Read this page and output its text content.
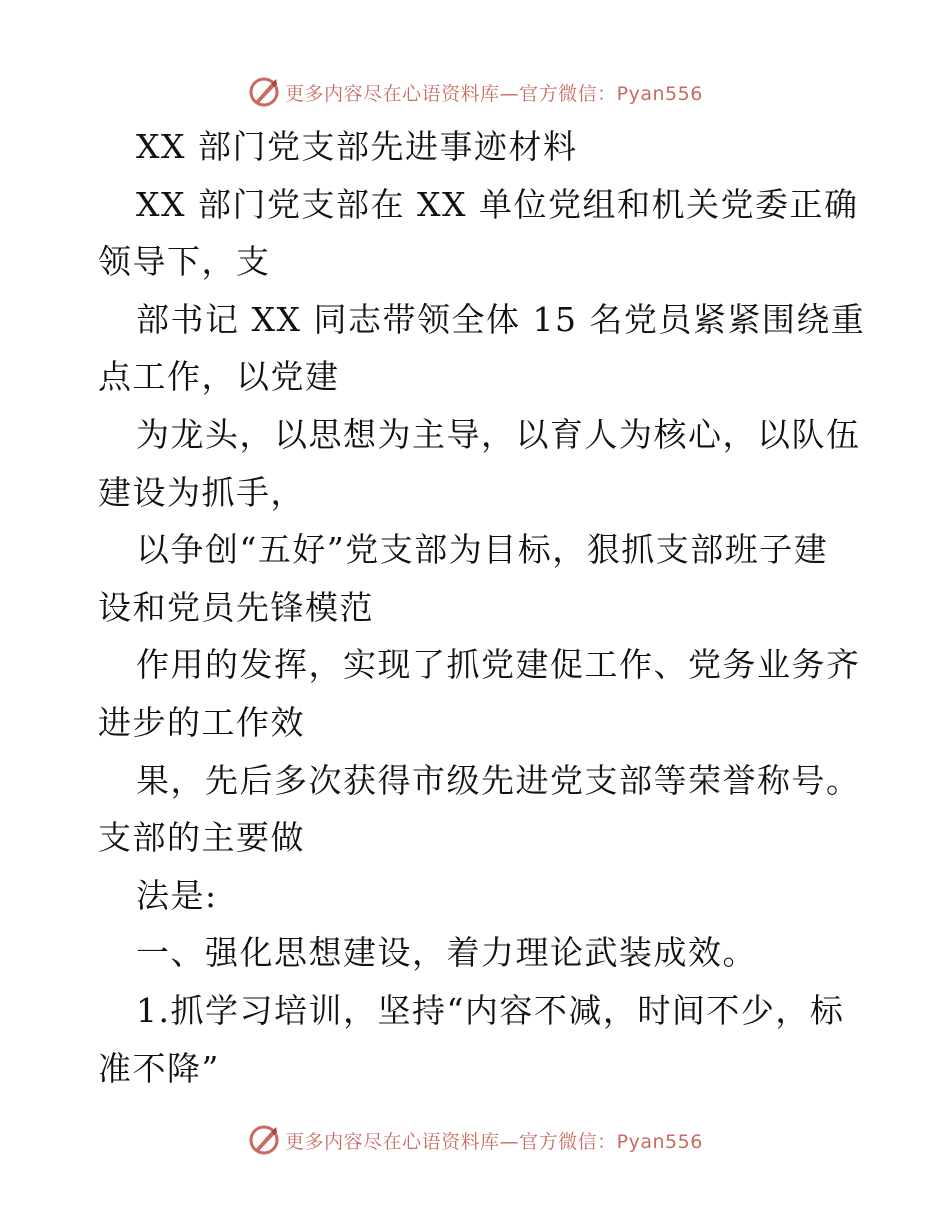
更多内容尽在心语资料库—官方微信：Pyan556
XX 部门党支部先进事迹材料
XX 部门党支部在 XX 单位党组和机关党委正确
领导下，支
部书记 XX 同志带领全体 15 名党员紧紧围绕重
点工作，以党建
为龙头，以思想为主导，以育人为核心，以队伍
建设为抓手，
以争创“五好”党支部为目标，狠抓支部班子建
设和党员先锋模范
作用的发挥，实现了抓党建促工作、党务业务齐
进步的工作效
果，先后多次获得市级先进党支部等荣誉称号。
支部的主要做
法是:
一、强化思想建设，着力理论武装成效。
1.抓学习培训，坚持“内容不减，时间不少，标
准不降”
更多内容尽在心语资料库—官方微信：Pyan556
